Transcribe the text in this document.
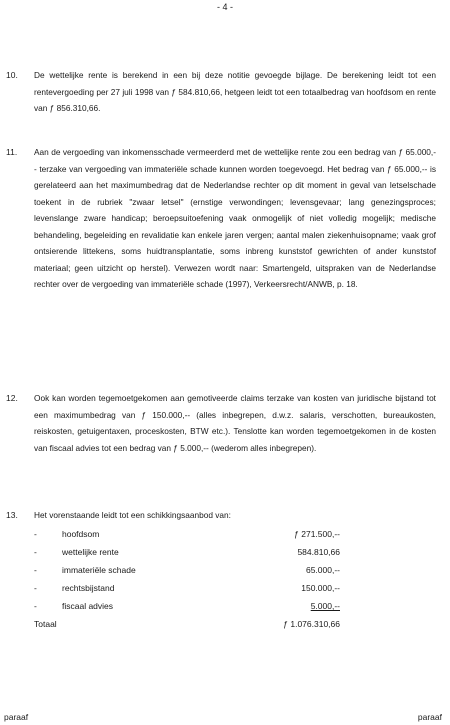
- 4 -
10. De wettelijke rente is berekend in een bij deze notitie gevoegde bijlage. De berekening leidt tot een rentevergoeding per 27 juli 1998 van ƒ 584.810,66, hetgeen leidt tot een totaalbedrag van hoofdsom en rente van ƒ 856.310,66.
11. Aan de vergoeding van inkomensschade vermeerderd met de wettelijke rente zou een bedrag van ƒ 65.000,-- terzake van vergoeding van immateriële schade kunnen worden toegevoegd. Het bedrag van ƒ 65.000,-- is gerelateerd aan het maximumbedrag dat de Nederlandse rechter op dit moment in geval van letselschade toekent in de rubriek "zwaar letsel" (ernstige verwondingen; levensgevaar; lang genezingsproces; levenslange zware handicap; beroepsuitoefening vaak onmogelijk of niet volledig mogelijk; medische behandeling, begeleiding en revalidatie kan enkele jaren vergen; aantal malen ziekenhuisopname; vaak grof ontsierende littekens, soms huidtransplantatie, soms inbreng kunststof gewrichten of ander kunststof materiaal; geen uitzicht op herstel). Verwezen wordt naar: Smartengeld, uitspraken van de Nederlandse rechter over de vergoeding van immateriële schade (1997), Verkeersrecht/ANWB, p. 18.
12. Ook kan worden tegemoetgekomen aan gemotiveerde claims terzake van kosten van juridische bijstand tot een maximumbedrag van ƒ 150.000,-- (alles inbegrepen, d.w.z. salaris, verschotten, bureaukosten, reiskosten, getuigentaxen, proceskosten, BTW etc.). Tenslotte kan worden tegemoetgekomen in de kosten van fiscaal advies tot een bedrag van ƒ 5.000,-- (wederom alles inbegrepen).
13. Het vorenstaande leidt tot een schikkingsaanbod van:
-	hoofdsom	ƒ 271.500,--
-	wettelijke rente	584.810,66
-	immateriële schade	65.000,--
-	rechtsbijstand	150.000,--
-	fiscaal advies	5.000,--
Totaal	ƒ 1.076.310,66
paraaf	paraaf
